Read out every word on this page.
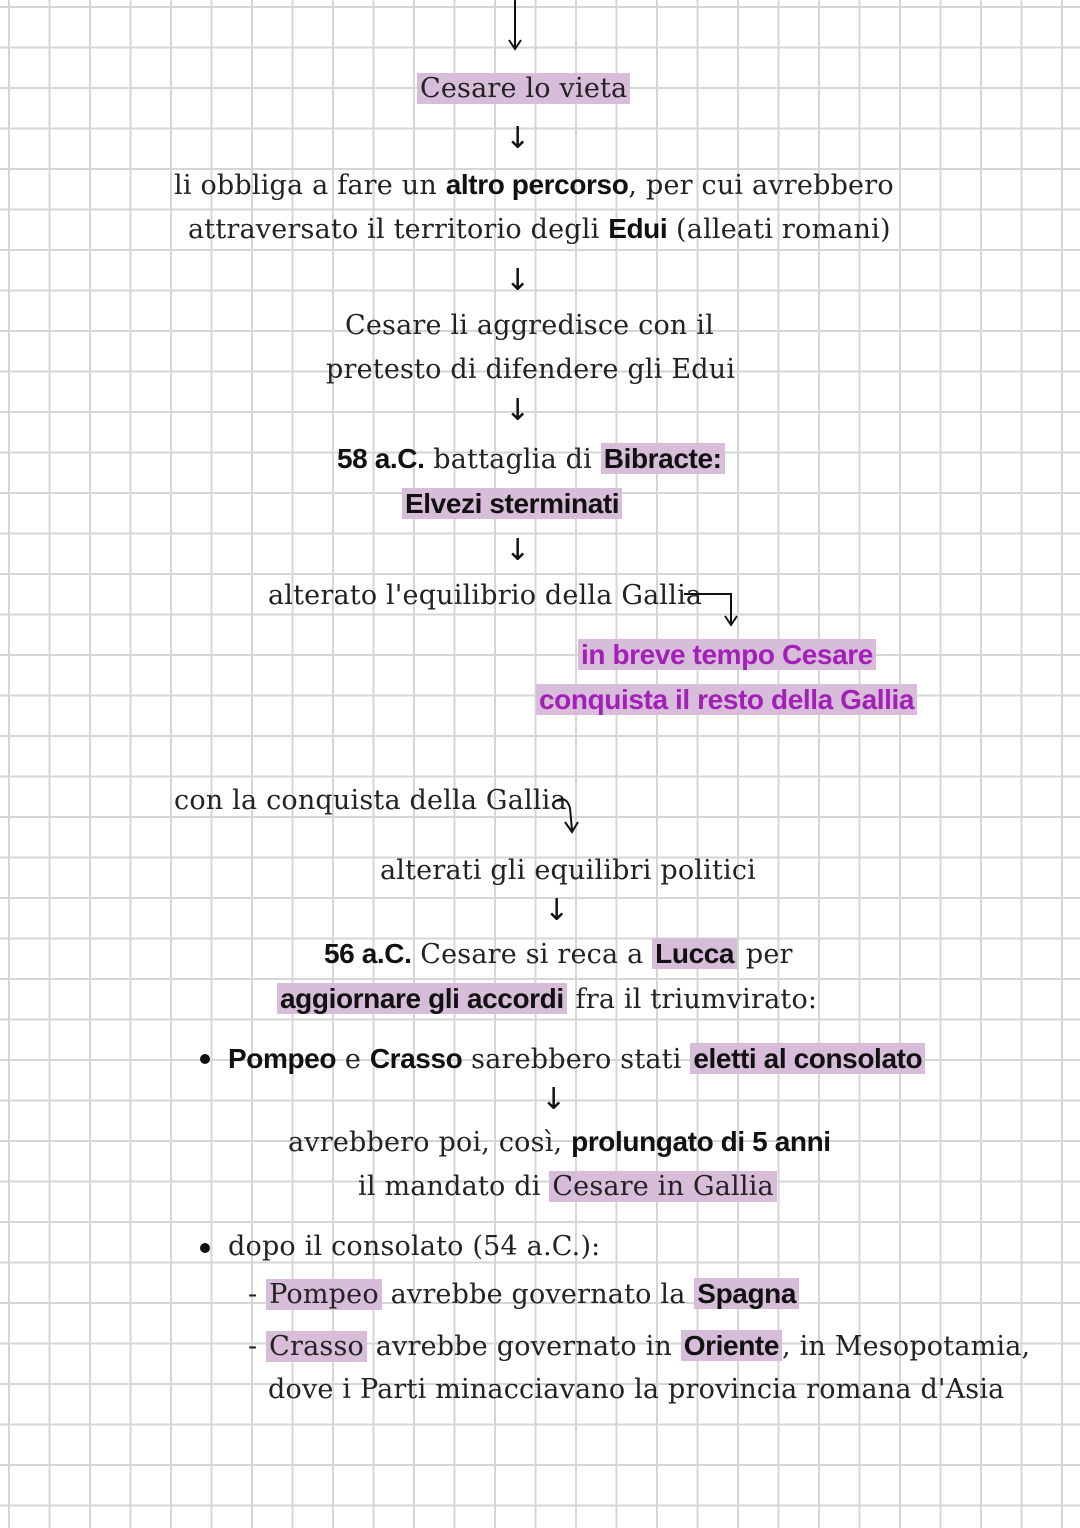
Cesare lo vieta
↓
li obbliga a fare un altro percorso, per cui avrebbero
attraversato il territorio degli Edui (alleati romani)
↓
Cesare li aggredisce con il
pretesto di difendere gli Edui
↓
58 a.C. battaglia di Bibracte:
Elvezi sterminati
↓
alterato l'equilibrio della Gallia
in breve tempo Cesare
conquista il resto della Gallia
con la conquista della Gallia
alterati gli equilibri politici
↓
56 a.C. Cesare si reca a Lucca per
aggiornare gli accordi fra il triumvirato:
Pompeo e Crasso sarebbero stati eletti al consolato
↓
avrebbero poi, così, prolungato di 5 anni
il mandato di Cesare in Gallia
dopo il consolato (54 a.C.):
- Pompeo avrebbe governato la Spagna
- Crasso avrebbe governato in Oriente , in Mesopotamia,
dove i Parti minacciavano la provincia romana d'Asia
